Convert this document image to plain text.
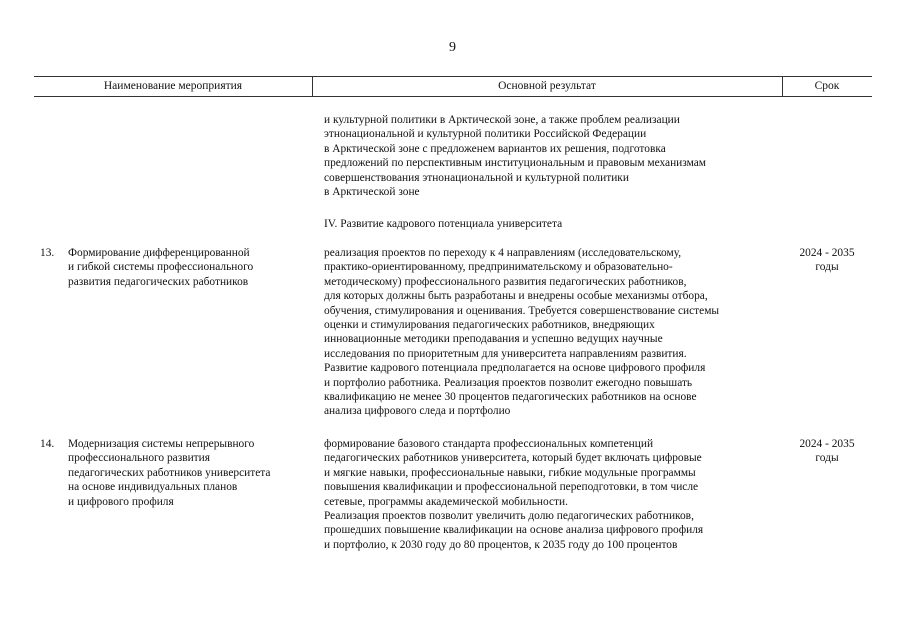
9
Наименование мероприятия	Основной результат	Срок
и культурной политики в Арктической зоне, а также проблем реализации
этнонациональной и культурной политики Российской Федерации
в Арктической зоне с предложенем вариантов их решения, подготовка
предложений по перспективным институциональным и правовым механизмам
совершенствования этнонациональной и культурной политики
в Арктической зоне
IV. Развитие кадрового потенциала университета
13. Формирование дифференцированной
и гибкой системы профессионального
развития педагогических работников
реализация проектов по переходу к 4 направлениям (исследовательскому,
практико-ориентированному, предпринимательскому и образовательно-
методическому) профессионального развития педагогических работников,
для которых должны быть разработаны и внедрены особые механизмы отбора,
обучения, стимулирования и оценивания. Требуется совершенствование системы
оценки и стимулирования педагогических работников, внедряющих
инновационные методики преподавания и успешно ведущих научные
исследования по приоритетным для университета направлениям развития.
Развитие кадрового потенциала предполагается на основе цифрового профиля
и портфолио работника. Реализация проектов позволит ежегодно повышать
квалификацию не менее 30 процентов педагогических работников на основе
анализа цифрового следа и портфолио
2024 - 2035
годы
14. Модернизация системы непрерывного
профессионального развития
педагогических работников университета
на основе индивидуальных планов
и цифрового профиля
формирование базового стандарта профессиональных компетенций
педагогических работников университета, который будет включать цифровые
и мягкие навыки, профессиональные навыки, гибкие модульные программы
повышения квалификации и профессиональной переподготовки, в том числе
сетевые, программы академической мобильности.
Реализация проектов позволит увеличить долю педагогических работников,
прошедших повышение квалификации на основе анализа цифрового профиля
и портфолио, к 2030 году до 80 процентов, к 2035 году до 100 процентов
2024 - 2035
годы
